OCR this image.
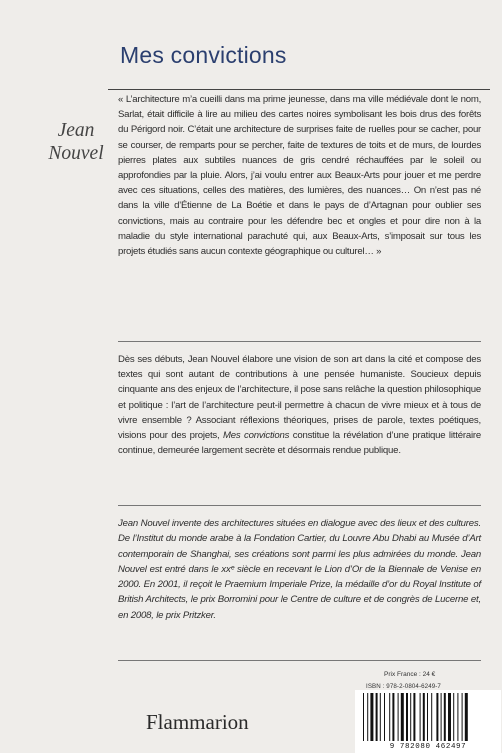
Mes convictions
Jean
Nouvel
« L’architecture m’a cueilli dans ma prime jeunesse, dans ma ville médiévale dont le nom, Sarlat, était difficile à lire au milieu des cartes noires symbolisant les bois drus des forêts du Périgord noir. C’était une architecture de surprises faite de ruelles pour se cacher, pour se courser, de remparts pour se percher, faite de textures de toits et de murs, de lourdes pierres plates aux subtiles nuances de gris cendré réchauffées par le soleil ou approfondies par la pluie. Alors, j’ai voulu entrer aux Beaux-Arts pour jouer et me perdre avec ces situations, celles des matières, des lumières, des nuances… On n’est pas né dans la ville d’Étienne de La Boétie et dans le pays de d’Artagnan pour oublier ses convictions, mais au contraire pour les défendre bec et ongles et pour dire non à la maladie du style international parachuté qui, aux Beaux-Arts, s’imposait sur tous les projets étudiés sans aucun contexte géographique ou culturel… »
Dès ses débuts, Jean Nouvel élabore une vision de son art dans la cité et compose des textes qui sont autant de contributions à une pensée humaniste. Soucieux depuis cinquante ans des enjeux de l’architecture, il pose sans relâche la question philosophique et politique : l’art de l’architecture peut-il permettre à chacun de vivre mieux et à tous de vivre ensemble ? Associant réflexions théoriques, prises de parole, textes poétiques, visions pour des projets, Mes convictions constitue la révélation d’une pratique littéraire continue, demeurée largement secrète et désormais rendue publique.
Jean Nouvel invente des architectures situées en dialogue avec des lieux et des cultures. De l’Institut du monde arabe à la Fondation Cartier, du Louvre Abu Dhabi au Musée d’Art contemporain de Shanghai, ses créations sont parmi les plus admirées du monde. Jean Nouvel est entré dans le xxᵉ siècle en recevant le Lion d’Or de la Biennale de Venise en 2000. En 2001, il reçoit le Praemium Imperiale Prize, la médaille d’or du Royal Institute of British Architects, le prix Borromini pour le Centre de culture et de congrès de Lucerne et, en 2008, le prix Pritzker.
Prix France : 24 €
ISBN : 978-2-0804-6249-7
Flammarion
9 782080 462497
